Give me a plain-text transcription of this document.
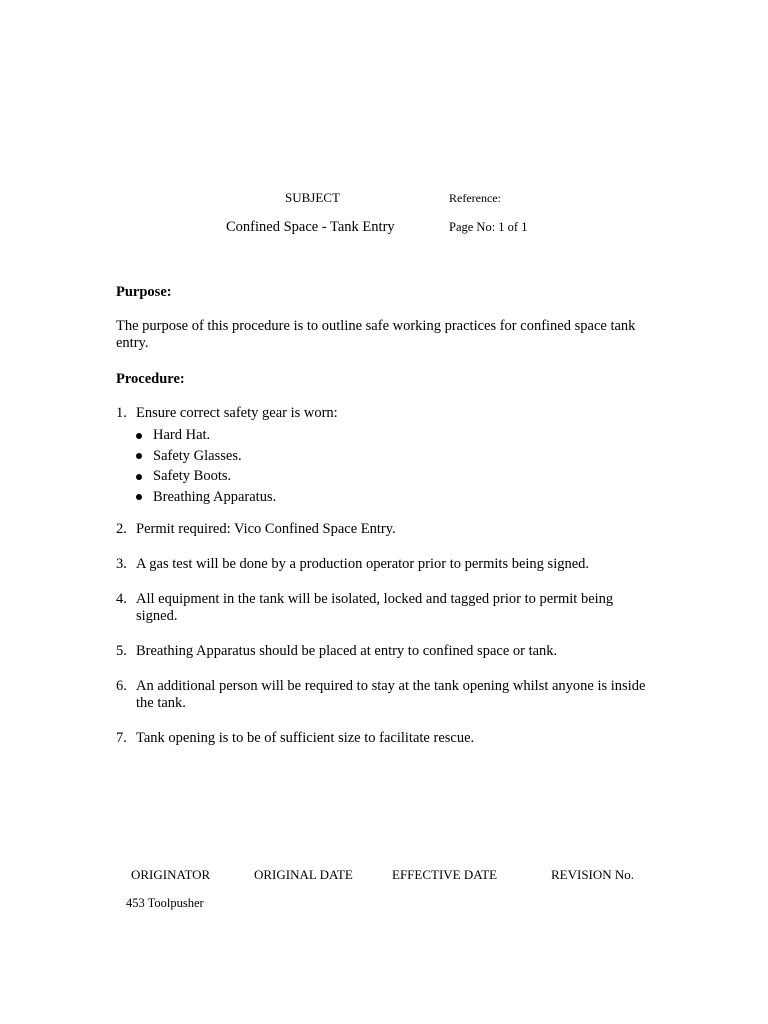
SUBJECT	Reference:
Confined Space - Tank Entry	Page No: 1 of 1
Purpose:
The purpose of this procedure is to outline safe working practices for confined space tank entry.
Procedure:
1. Ensure correct safety gear is worn:
Hard Hat.
Safety Glasses.
Safety Boots.
Breathing Apparatus.
2. Permit required: Vico Confined Space Entry.
3. A gas test will be done by a production operator prior to permits being signed.
4. All equipment in the tank will be isolated, locked and tagged prior to permit being signed.
5. Breathing Apparatus should be placed at entry to confined space or tank.
6. An additional person will be required to stay at the tank opening whilst anyone is inside the tank.
7. Tank opening is to be of sufficient size to facilitate rescue.
ORIGINATOR	ORIGINAL DATE	EFFECTIVE DATE	REVISION No.
453 Toolpusher
